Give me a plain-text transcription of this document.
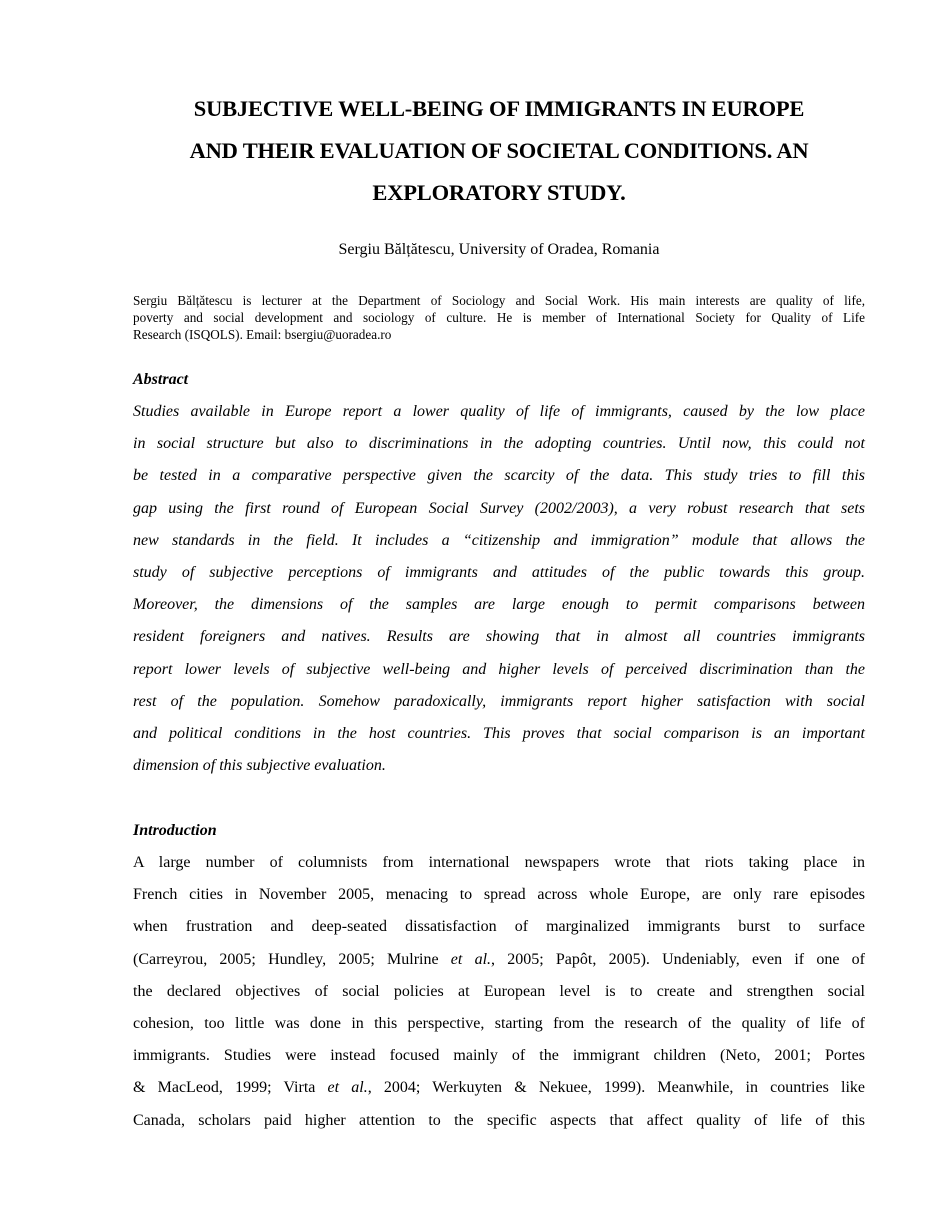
SUBJECTIVE WELL-BEING OF IMMIGRANTS IN EUROPE
AND THEIR EVALUATION OF SOCIETAL CONDITIONS. AN
EXPLORATORY STUDY.
Sergiu Bălțătescu, University of Oradea, Romania
Sergiu Bălțătescu is lecturer at the Department of Sociology and Social Work. His main interests are quality of life,
poverty and social development and sociology of culture. He is member of International Society for Quality of Life
Research (ISQOLS). Email: bsergiu@uoradea.ro
Abstract
Studies available in Europe report a lower quality of life of immigrants, caused by the low place
in social structure but also to discriminations in the adopting countries. Until now, this could not
be tested in a comparative perspective given the scarcity of the data. This study tries to fill this
gap using the first round of European Social Survey (2002/2003), a very robust research that sets
new standards in the field. It includes a “citizenship and immigration” module that allows the
study of subjective perceptions of immigrants and attitudes of the public towards this group.
Moreover, the dimensions of the samples are large enough to permit comparisons between
resident foreigners and natives. Results are showing that in almost all countries immigrants
report lower levels of subjective well-being and higher levels of perceived discrimination than the
rest of the population. Somehow paradoxically, immigrants report higher satisfaction with social
and political conditions in the host countries. This proves that social comparison is an important
dimension of this subjective evaluation.
Introduction
A large number of columnists from international newspapers wrote that riots taking place in
French cities in November 2005, menacing to spread across whole Europe, are only rare episodes
when frustration and deep-seated dissatisfaction of marginalized immigrants burst to surface
(Carreyrou, 2005; Hundley, 2005; Mulrine et al., 2005; Papôt, 2005). Undeniably, even if one of
the declared objectives of social policies at European level is to create and strengthen social
cohesion, too little was done in this perspective, starting from the research of the quality of life of
immigrants. Studies were instead focused mainly of the immigrant children (Neto, 2001; Portes
& MacLeod, 1999; Virta et al., 2004; Werkuyten & Nekuee, 1999). Meanwhile, in countries like
Canada, scholars paid higher attention to the specific aspects that affect quality of life of this
